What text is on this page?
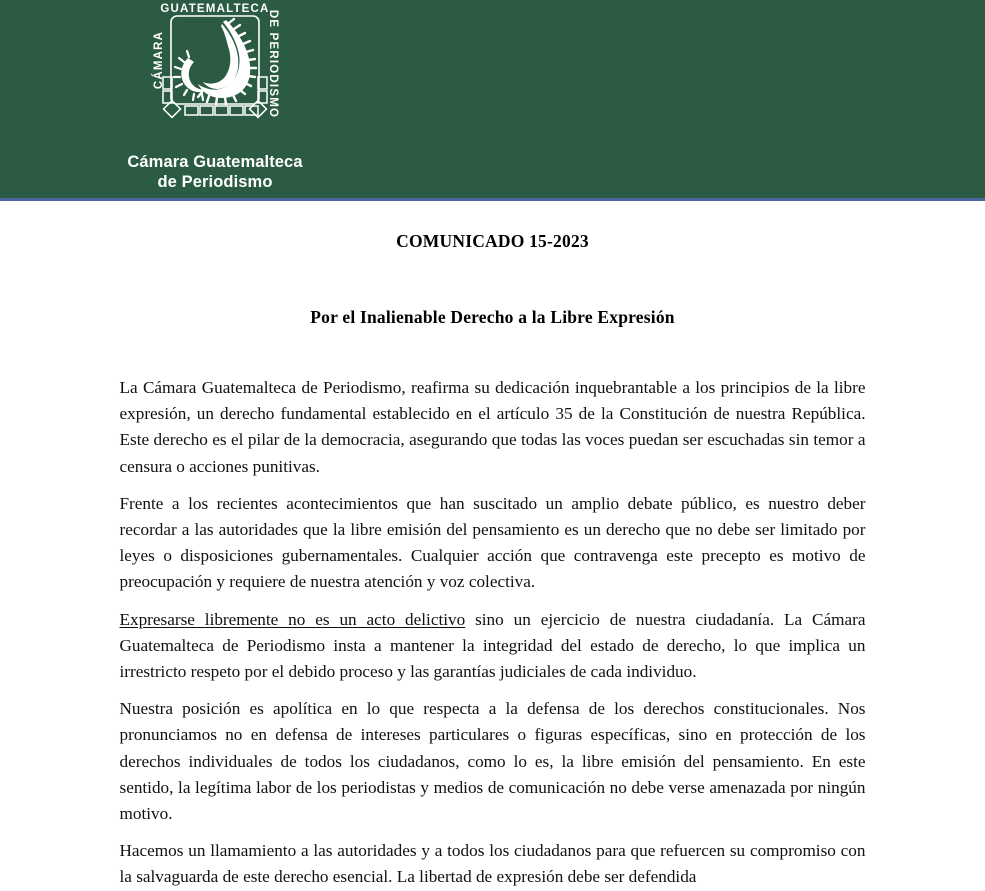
GUATEMALTECA
CÁMARA	DE PERIODISMO
Cámara Guatemalteca
de Periodismo
COMUNICADO 15-2023
Por el Inalienable Derecho a la Libre Expresión

La Cámara Guatemalteca de Periodismo, reafirma su dedicación inquebrantable a los principios de la libre expresión, un derecho fundamental establecido en el artículo 35 de la Constitución de nuestra República. Este derecho es el pilar de la democracia, asegurando que todas las voces puedan ser escuchadas sin temor a censura o acciones punitivas.

Frente a los recientes acontecimientos que han suscitado un amplio debate público, es nuestro deber recordar a las autoridades que la libre emisión del pensamiento es un derecho que no debe ser limitado por leyes o disposiciones gubernamentales. Cualquier acción que contravenga este precepto es motivo de preocupación y requiere de nuestra atención y voz colectiva.

Expresarse libremente no es un acto delictivo sino un ejercicio de nuestra ciudadanía. La Cámara Guatemalteca de Periodismo insta a mantener la integridad del estado de derecho, lo que implica un irrestricto respeto por el debido proceso y las garantías judiciales de cada individuo.

Nuestra posición es apolítica en lo que respecta a la defensa de los derechos constitucionales. Nos pronunciamos no en defensa de intereses particulares o figuras específicas, sino en protección de los derechos individuales de todos los ciudadanos, como lo es, la libre emisión del pensamiento. En este sentido, la legítima labor de los periodistas y medios de comunicación no debe verse amenazada por ningún motivo.

Hacemos un llamamiento a las autoridades y a todos los ciudadanos para que refuercen su compromiso con la salvaguarda de este derecho esencial. La libertad de expresión debe ser defendida
